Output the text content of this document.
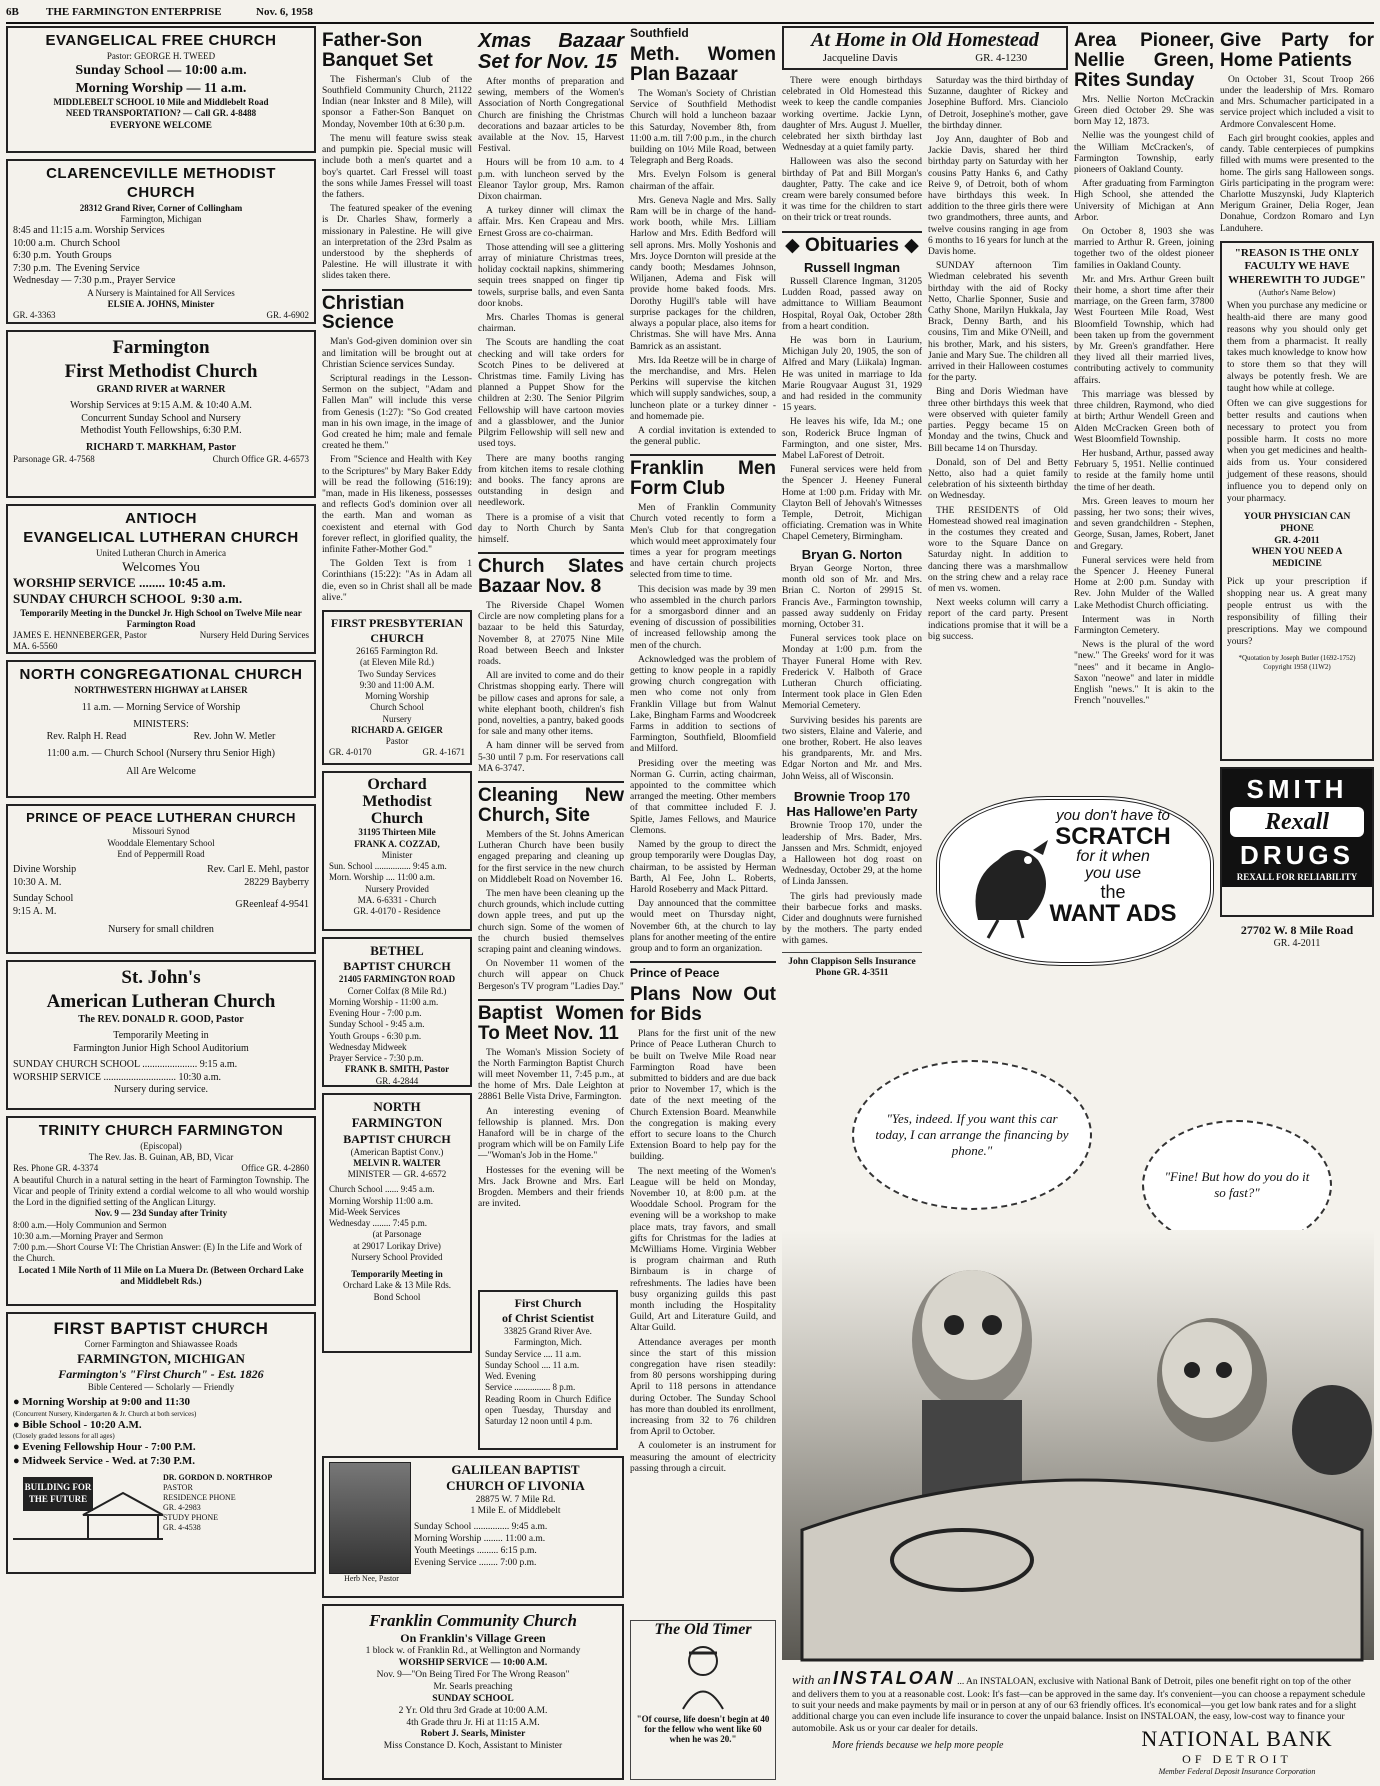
6B THE FARMINGTON ENTERPRISE	Nov. 6, 1958
EVANGELICAL FREE CHURCH
Pastor: GEORGE H. TWEED
Sunday School — 10:00 a.m.
Morning Worship — 11 a.m.
MIDDLEBELT SCHOOL 10 Mile and Middlebelt Road
NEED TRANSPORTATION? — Call GR. 4-8488
EVERYONE WELCOME
CLARENCEVILLE METHODIST CHURCH
28312 Grand River, Corner of Collingham
Farmington, Michigan
8:45 and 11:15 a.m. Worship Services
10:00 a.m.  Church School
6:30 p.m.  Youth Groups
7:30 p.m.  The Evening Service
Wednesday — 7:30 p.m., Prayer Service
A Nursery is Maintained for All Services
ELSIE A. JOHNS, Minister
GR. 4-3363	GR. 4-6902
Farmington
First Methodist Church
GRAND RIVER at WARNER
Worship Services at 9:15 A.M. & 10:40 A.M.
Concurrent Sunday School and Nursery
Methodist Youth Fellowships, 6:30 P.M.
RICHARD T. MARKHAM, Pastor
Parsonage GR. 4-7568	Church Office GR. 4-6573
ANTIOCH
EVANGELICAL LUTHERAN CHURCH
United Lutheran Church in America
Welcomes You
WORSHIP SERVICE ........ 10:45 a.m.
SUNDAY CHURCH SCHOOL  9:30 a.m.
Temporarily Meeting in the Dunckel Jr. High School on Twelve Mile near Farmington Road
JAMES E. HENNEBERGER, Pastor	Nursery Held During Services
MA. 6-5560
NORTH CONGREGATIONAL CHURCH
NORTHWESTERN HIGHWAY at LAHSER
11 a.m. — Morning Service of Worship
MINISTERS:
Rev. Ralph H. Read	Rev. John W. Metler
11:00 a.m. — Church School (Nursery thru Senior High)
All Are Welcome
PRINCE OF PEACE LUTHERAN CHURCH
Missouri Synod
Wooddale Elementary School
End of Peppermill Road
Divine Worship
10:30 A. M.
Sunday School
9:15 A. M.
Rev. Carl E. Mehl, pastor
28229 Bayberry
GReenleaf 4-9541
Nursery for small children
St. John's
American Lutheran Church
The REV. DONALD R. GOOD, Pastor
Temporarily Meeting in
Farmington Junior High School Auditorium
SUNDAY CHURCH SCHOOL ...................... 9:15 a.m.
WORSHIP SERVICE ............................. 10:30 a.m.
Nursery during service.
TRINITY CHURCH FARMINGTON
(Episcopal)
The Rev. Jas. B. Guinan, AB, BD, Vicar
Res. Phone GR. 4-3374	Office GR. 4-2860
A beautiful Church in a natural setting in the heart of Farmington Township. The Vicar and people of Trinity extend a cordial welcome to all who would worship the Lord in the dignified setting of the Anglican Liturgy.
Nov. 9 — 23d Sunday after Trinity
8:00 a.m.—Holy Communion and Sermon
10:30 a.m.—Morning Prayer and Sermon
7:00 p.m.—Short Course VI: The Christian Answer: (E) In the Life and Work of the Church.
Located 1 Mile North of 11 Mile on La Muera Dr. (Between Orchard Lake and Middlebelt Rds.)
FIRST BAPTIST CHURCH
Corner Farmington and Shiawassee Roads
FARMINGTON, MICHIGAN
Farmington's "First Church" - Est. 1826
Bible Centered — Scholarly — Friendly
● Morning Worship at 9:00 and 11:30
(Concurrent Nursery, Kindergarten & Jr. Church at both services)
● Bible School - 10:20 A.M.
(Closely graded lessons for all ages)
● Evening Fellowship Hour - 7:00 P.M.
● Midweek Service - Wed. at 7:30 P.M.
BUILDING FOR THE FUTURE
DR. GORDON D. NORTHROP
PASTOR
RESIDENCE PHONE
GR. 4-2983
STUDY PHONE
GR. 4-4538
Father-Son Banquet Set

The Fisherman's Club of the Southfield Community Church, 21122 Indian (near Inkster and 8 Mile), will sponsor a Father-Son Banquet on Monday, November 10th at 6:30 p.m.

The menu will feature swiss steak and pumpkin pie. Special music will include both a men's quartet and a boy's quartet. Carl Fressel will toast the sons while James Fressel will toast the fathers.

The featured speaker of the evening is Dr. Charles Shaw, formerly a missionary in Palestine. He will give an interpretation of the 23rd Psalm as understood by the shepherds of Palestine. He will illustrate it with slides taken there.

Christian Science

Man's God-given dominion over sin and limitation will be brought out at Christian Science services Sunday.

Scriptural readings in the Lesson-Sermon on the subject, "Adam and Fallen Man" will include this verse from Genesis (1:27): "So God created man in his own image, in the image of God created he him; male and female created he them."

From "Science and Health with Key to the Scriptures" by Mary Baker Eddy will be read the following (516:19): "man, made in His likeness, possesses and reflects God's dominion over all the earth. Man and woman as coexistent and eternal with God forever reflect, in glorified quality, the infinite Father-Mother God."

The Golden Text is from 1 Corinthians (15:22): "As in Adam all die, even so in Christ shall all be made alive."

FIRST PRESBYTERIAN CHURCH
26165 Farmington Rd.
(at Eleven Mile Rd.)
Two Sunday Services
9:30 and 11:00 A.M.
Morning Worship
Church School
Nursery
RICHARD A. GEIGER
Pastor
GR. 4-0170	GR. 4-1671
Orchard
Methodist
Church
31195 Thirteen Mile
FRANK A. COZZAD,
Minister
Sun. School ................ 9:45 a.m.
Morn. Worship .... 11:00 a.m.
Nursery Provided
MA. 6-6331 - Church
GR. 4-0170 - Residence
BETHEL
BAPTIST CHURCH
21405 FARMINGTON ROAD
Corner Colfax (8 Mile Rd.)
Morning Worship - 11:00 a.m.
Evening Hour - 7:00 p.m.
Sunday School - 9:45 a.m.
Youth Groups - 6:30 p.m.
Wednesday Midweek
Prayer Service - 7:30 p.m.
FRANK B. SMITH, Pastor
GR. 4-2844
NORTH
FARMINGTON
BAPTIST CHURCH
(American Baptist Conv.)
MELVIN R. WALTER
MINISTER — GR. 4-6572
Church School ...... 9:45 a.m.
Morning Worship 11:00 a.m.
Mid-Week Services
Wednesday ........ 7:45 p.m.
(at Parsonage
at 29017 Lorikay Drive)
Nursery School Provided
Temporarily Meeting in
Orchard Lake & 13 Mile Rds.
Bond School
Xmas Bazaar Set for Nov. 15

After months of preparation and sewing, members of the Women's Association of North Congregational Church are finishing the Christmas decorations and bazaar articles to be available at the Nov. 15, Harvest Festival.

Hours will be from 10 a.m. to 4 p.m. with luncheon served by the Eleanor Taylor group, Mrs. Ramon Dixon chairman.

A turkey dinner will climax the affair. Mrs. Ken Crapeau and Mrs. Ernest Gross are co-chairman.

Those attending will see a glittering array of miniature Christmas trees, holiday cocktail napkins, shimmering sequin trees snapped on finger tip towels, surprise balls, and even Santa door knobs.

Mrs. Charles Thomas is general chairman.

The Scouts are handling the coat checking and will take orders for Scotch Pines to be delivered at Christmas time. Family Living has planned a Puppet Show for the children at 2:30. The Senior Pilgrim Fellowship will have cartoon movies and a glassblower, and the Junior Pilgrim Fellowship will sell new and used toys.

There are many booths ranging from kitchen items to resale clothing and books. The fancy aprons are outstanding in design and needlework.

There is a promise of a visit that day to North Church by Santa himself.

Church Slates Bazaar Nov. 8

The Riverside Chapel Women Circle are now completing plans for a bazaar to be held this Saturday, November 8, at 27075 Nine Mile Road between Beech and Inkster roads.

All are invited to come and do their Christmas shopping early. There will be pillow cases and aprons for sale, a white elephant booth, children's fish pond, novelties, a pantry, baked goods for sale and many other items.

A ham dinner will be served from 5-30 until 7 p.m. For reservations call MA 6-3747.

Cleaning New Church, Site

Members of the St. Johns American Lutheran Church have been busily engaged preparing and cleaning up for the first service in the new church on Middlebelt Road on November 16.

The men have been cleaning up the church grounds, which include cutting down apple trees, and put up the church sign. Some of the women of the church busied themselves scraping paint and cleaning windows.

On November 11 women of the church will appear on Chuck Bergeson's TV program "Ladies Day."

Baptist Women To Meet Nov. 11

The Woman's Mission Society of the North Farmington Baptist Church will meet November 11, 7:45 p.m., at the home of Mrs. Dale Leighton at 28861 Belle Vista Drive, Farmington.

An interesting evening of fellowship is planned. Mrs. Don Hanaford will be in charge of the program which will be on Family Life—"Woman's Job in the Home."

Hostesses for the evening will be Mrs. Jack Browne and Mrs. Earl Brogden. Members and their friends are invited.

First Church
of Christ Scientist
33825 Grand River Ave.
Farmington, Mich.
Sunday Service .... 11 a.m.
Sunday School .... 11 a.m.
Wed. Evening
Service ................ 8 p.m.
Reading Room in Church Edifice open Tuesday, Thursday and Saturday 12 noon until 4 p.m.
Herb Nee, Pastor
GALILEAN BAPTIST
CHURCH OF LIVONIA
28875 W. 7 Mile Rd.
1 Mile E. of Middlebelt
Sunday School ............... 9:45 a.m.
Morning Worship ........ 11:00 a.m.
Youth Meetings ......... 6:15 p.m.
Evening Service ........ 7:00 p.m.
Franklin Community Church
On Franklin's Village Green
1 block w. of Franklin Rd., at Wellington and Normandy
WORSHIP SERVICE — 10:00 A.M.
Nov. 9—"On Being Tired For The Wrong Reason"
Mr. Searls preaching
SUNDAY SCHOOL
2 Yr. Old thru 3rd Grade at 10:00 A.M.
4th Grade thru Jr. Hi at 11:15 A.M.
Robert J. Searls, Minister
Miss Constance D. Koch, Assistant to Minister
Southfield
Meth. Women Plan Bazaar

The Woman's Society of Christian Service of Southfield Methodist Church will hold a luncheon bazaar this Saturday, November 8th, from 11:00 a.m. till 7:00 p.m., in the church building on 10½ Mile Road, between Telegraph and Berg Roads.

Mrs. Evelyn Folsom is general chairman of the affair.

Mrs. Geneva Nagle and Mrs. Sally Ram will be in charge of the hand-work booth, while Mrs. Lilliam Harlow and Mrs. Edith Bedford will sell aprons. Mrs. Molly Yoshonis and Mrs. Joyce Dornton will preside at the candy booth; Mesdames Johnson, Wiljanen, Adema and Fisk will provide home baked foods. Mrs. Dorothy Hugill's table will have surprise packages for the children, always a popular place, also items for Christmas. She will have Mrs. Anna Bamrick as an assistant.

Mrs. Ida Reetze will be in charge of the merchandise, and Mrs. Helen Perkins will supervise the kitchen which will supply sandwiches, soup, a luncheon plate or a turkey dinner - and homemade pie.

A cordial invitation is extended to the general public.

Franklin Men Form Club

Men of Franklin Community Church voted recently to form a Men's Club for that congregation which would meet approximately four times a year for program meetings and have certain church projects selected from time to time.

This decision was made by 39 men who assembled in the church parlors for a smorgasbord dinner and an evening of discussion of possibilities of increased fellowship among the men of the church.

Acknowledged was the problem of getting to know people in a rapidly growing church congregation with men who come not only from Franklin Village but from Walnut Lake, Bingham Farms and Woodcreek Farms in addition to sections of Farmington, Southfield, Bloomfield and Milford.

Presiding over the meeting was Norman G. Currin, acting chairman, appointed to the committee which arranged the meeting. Other members of that committee included F. J. Spitle, James Fellows, and Maurice Clemons.

Named by the group to direct the group temporarily were Douglas Day, chairman, to be assisted by Herman Barth, Al Fee, John L. Roberts, Harold Roseberry and Mack Pittard.

Day announced that the committee would meet on Thursday night, November 6th, at the church to lay plans for another meeting of the entire group and to form an organization.

Prince of Peace
Plans Now Out for Bids

Plans for the first unit of the new Prince of Peace Lutheran Church to be built on Twelve Mile Road near Farmington Road have been submitted to bidders and are due back prior to November 17, which is the date of the next meeting of the Church Extension Board. Meanwhile the congregation is making every effort to secure loans to the Church Extension Board to help pay for the building.

The next meeting of the Women's League will be held on Monday, November 10, at 8:00 p.m. at the Wooddale School. Program for the evening will be a workshop to make place mats, tray favors, and small gifts for Christmas for the ladies at McWilliams Home. Virginia Webber is program chairman and Ruth Birnbaum is in charge of refreshments. The ladies have been busy organizing guilds this past month including the Hospitality Guild, Art and Literature Guild, and Altar Guild.

Attendance averages per month since the start of this mission congregation have risen steadily: from 80 persons worshipping during April to 118 persons in attendance during October. The Sunday School has more than doubled its enrollment, increasing from 32 to 76 children from April to October.

A coulometer is an instrument for measuring the amount of electricity passing through a circuit.

The Old Timer
"Of course, life doesn't begin at 40 for the fellow who went like 60 when he was 20."
At Home in Old Homestead
Jacqueline Davis	GR. 4-1230

There were enough birthdays celebrated in Old Homestead this week to keep the candle companies working overtime. Jackie Lynn, daughter of Mrs. August J. Mueller, celebrated her sixth birthday last Wednesday at a quiet family party.

Halloween was also the second birthday of Pat and Bill Morgan's daughter, Patty. The cake and ice cream were barely consumed before it was time for the children to start on their trick or treat rounds.

◆ Obituaries ◆
Russell Ingman

Russell Clarence Ingman, 31205 Ludden Road, passed away on admittance to William Beaumont Hospital, Royal Oak, October 28th from a heart condition.

He was born in Laurium, Michigan July 20, 1905, the son of Alfred and Mary (Liikala) Ingman. He was united in marriage to Ida Marie Rougvaar August 31, 1929 and had resided in the community 15 years.

He leaves his wife, Ida M.; one son, Roderick Bruce Ingman of Farmington, and one sister, Mrs. Mabel LaForest of Detroit.

Funeral services were held from the Spencer J. Heeney Funeral Home at 1:00 p.m. Friday with Mr. Clayton Bell of Jehovah's Witnesses Temple, Detroit, Michigan officiating. Cremation was in White Chapel Cemetery, Birmingham.

Bryan G. Norton

Bryan George Norton, three month old son of Mr. and Mrs. Brian C. Norton of 29915 St. Francis Ave., Farmington township, passed away suddenly on Friday morning, October 31.

Funeral services took place on Monday at 1:00 p.m. from the Thayer Funeral Home with Rev. Frederick V. Halboth of Grace Lutheran Church officiating. Interment took place in Glen Eden Memorial Cemetery.

Surviving besides his parents are two sisters, Elaine and Valerie, and one brother, Robert. He also leaves his grandparents, Mr. and Mrs. Edgar Norton and Mr. and Mrs. John Weiss, all of Wisconsin.

Brownie Troop 170 Has Hallowe'en Party

Brownie Troop 170, under the leadership of Mrs. Bader, Mrs. Janssen and Mrs. Schmidt, enjoyed a Halloween hot dog roast on Wednesday, October 29, at the home of Linda Janssen.

The girls had previously made their barbecue forks and masks. Cider and doughnuts were furnished by the mothers. The party ended with games.

John Clappison Sells Insurance Phone GR. 4-3511

Saturday was the third birthday of Suzanne, daughter of Rickey and Josephine Bufford. Mrs. Cianciolo of Detroit, Josephine's mother, gave the birthday dinner.

Joy Ann, daughter of Bob and Jackie Davis, shared her third birthday party on Saturday with her cousins Patty Hanks 6, and Cathy Reive 9, of Detroit, both of whom have birthdays this week. In addition to the three girls there were two grandmothers, three aunts, and twelve cousins ranging in age from 6 months to 16 years for lunch at the Davis home.

SUNDAY afternoon Tim Wiedman celebrated his seventh birthday with the aid of Rocky Netto, Charlie Sponner, Susie and Cathy Shone, Marilyn Hukkala, Jay Brack, Denny Barth, and his cousins, Tim and Mike O'Neill, and his brother, Mark, and his sisters, Janie and Mary Sue. The children all arrived in their Halloween costumes for the party.

Bing and Doris Wiedman have three other birthdays this week that were observed with quieter family parties. Peggy became 15 on Monday and the twins, Chuck and Bill became 14 on Thursday.

Donald, son of Del and Betty Netto, also had a quiet family celebration of his sixteenth birthday on Wednesday.

THE RESIDENTS of Old Homestead showed real imagination in the costumes they created and wore to the Square Dance on Saturday night. In addition to dancing there was a marshmallow on the string chew and a relay race of men vs. women.

Next weeks column will carry a report of the card party. Present indications promise that it will be a big success.

Area Pioneer, Nellie Green, Rites Sunday

Mrs. Nellie Norton McCrackin Green died October 29. She was born May 12, 1873.

Nellie was the youngest child of the William McCracken's, of Farmington Township, early pioneers of Oakland County.

After graduating from Farmington High School, she attended the University of Michigan at Ann Arbor.

On October 8, 1903 she was married to Arthur R. Green, joining together two of the oldest pioneer families in Oakland County.

Mr. and Mrs. Arthur Green built their home, a short time after their marriage, on the Green farm, 37800 West Fourteen Mile Road, West Bloomfield Township, which had been taken up from the government by Mr. Green's grandfather. Here they lived all their married lives, contributing actively to community affairs.

This marriage was blessed by three children, Raymond, who died at birth; Arthur Wendell Green and Alden McCracken Green both of West Bloomfield Township.

Her husband, Arthur, passed away February 5, 1951. Nellie continued to reside at the family home until the time of her death.

Mrs. Green leaves to mourn her passing, her two sons; their wives, and seven grandchildren - Stephen, George, Susan, James, Robert, Janet and Gregary.

Funeral services were held from the Spencer J. Heeney Funeral Home at 2:00 p.m. Sunday with Rev. John Mulder of the Walled Lake Methodist Church officiating.

Interment was in North Farmington Cemetery.

News is the plural of the word "new." The Greeks' word for it was "nees" and it became in Anglo-Saxon "neowe" and later in middle English "news." It is akin to the French "nouvelles."

Give Party for Home Patients

On October 31, Scout Troop 266 under the leadership of Mrs. Romaro and Mrs. Schumacher participated in a service project which included a visit to Ardmore Convalescent Home.

Each girl brought cookies, apples and candy. Table centerpieces of pumpkins filled with mums were presented to the home. The girls sang Halloween songs. Girls participating in the program were: Charlotte Muszynski, Judy Klapterich Merigum Grainer, Delia Roger, Jean Donahue, Cordzon Romaro and Lyn Landuhere.

"REASON IS THE ONLY FACULTY WE HAVE WHEREWITH TO JUDGE"
(Author's Name Below)

When you purchase any medicine or health-aid there are many good reasons why you should only get them from a pharmacist. It really takes much knowledge to know how to store them so that they will always be potently fresh. We are taught how while at college.

Often we can give suggestions for better results and cautions when necessary to protect you from possible harm. It costs no more when you get medicines and health-aids from us. Your considered judgement of these reasons, should influence you to depend only on your pharmacy.

YOUR PHYSICIAN CAN PHONE
GR. 4-2011
WHEN YOU NEED A MEDICINE

Pick up your prescription if shopping near us. A great many people entrust us with the responsibility of filling their prescriptions. May we compound yours?

*Quotation by Joseph Butler (1692-1752)
Copyright 1958 (11W2)
SMITH
Rexall
DRUGS
REXALL FOR RELIABILITY
27702 W. 8 Mile Road
GR. 4-2011
you don't have to
SCRATCH
for it when
you use
the
WANT ADS
"Yes, indeed. If you want this car today, I can arrange the financing by phone."
"Fine! But how do you do it so fast?"
with an INSTALOAN ... An INSTALOAN, exclusive with National Bank of Detroit, piles one benefit right on top of the other and delivers them to you at a reasonable cost. Look: It's fast—can be approved in the same day. It's convenient—you can choose a repayment schedule to suit your needs and make payments by mail or in person at any of our 63 friendly offices. It's economical—you get low bank rates and for a slight additional charge you can even include life insurance to cover the unpaid balance. Insist on INSTALOAN, the easy, low-cost way to finance your automobile. Ask us or your car dealer for details.
More friends because we help more people	NATIONAL BANK
OF DETROIT
Member Federal Deposit Insurance Corporation
